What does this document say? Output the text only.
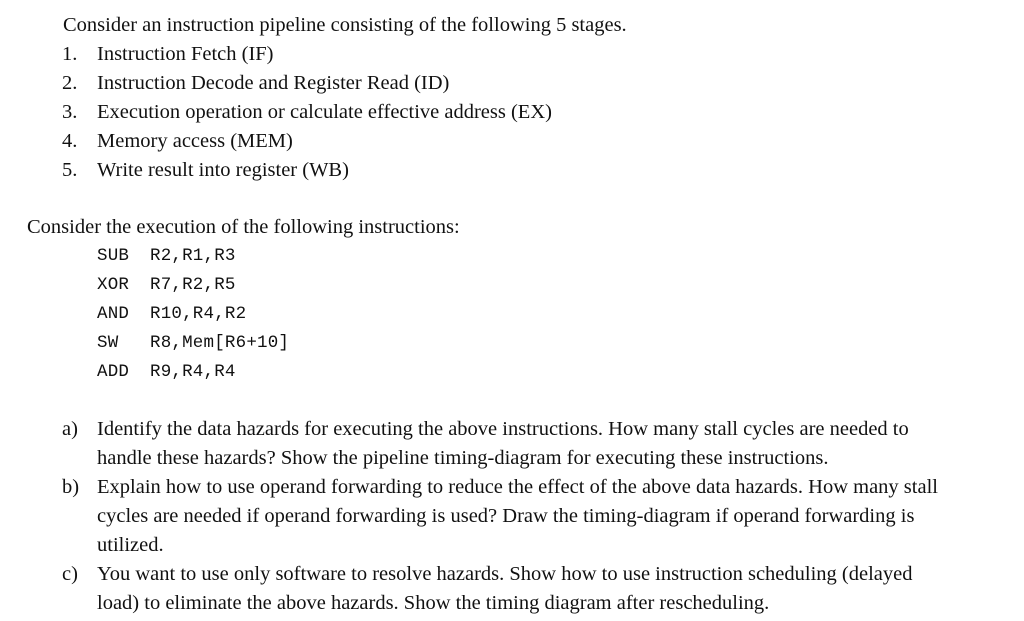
Consider an instruction pipeline consisting of the following 5 stages.
1. Instruction Fetch (IF)
2. Instruction Decode and Register Read (ID)
3. Execution operation or calculate effective address (EX)
4. Memory access (MEM)
5. Write result into register (WB)
Consider the execution of the following instructions:
SUB R2,R1,R3
XOR R7,R2,R5
AND R10,R4,R2
SW R8,Mem[R6+10]
ADD R9,R4,R4
a) Identify the data hazards for executing the above instructions. How many stall cycles are needed to
handle these hazards? Show the pipeline timing-diagram for executing these instructions.
b) Explain how to use operand forwarding to reduce the effect of the above data hazards. How many stall
cycles are needed if operand forwarding is used? Draw the timing-diagram if operand forwarding is
utilized.
c) You want to use only software to resolve hazards. Show how to use instruction scheduling (delayed
load) to eliminate the above hazards. Show the timing diagram after rescheduling.
